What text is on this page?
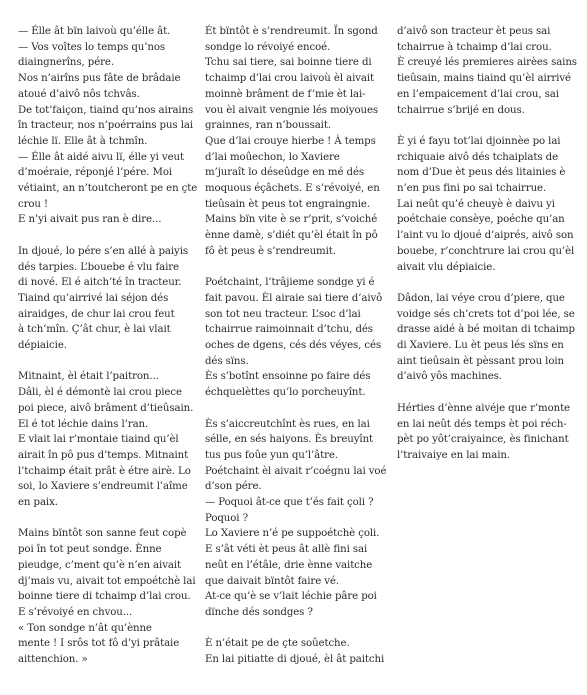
— Élle ât bïn laivoù qu’élle ât.
— Vos voîtes lo temps qu’nos
diaingnerîns, pére.
Nos n’airîns pus fâte de brâdaie
atoué d’aivô nôs tchvâs.
De tot’faiçon, tiaind qu’nos airains
în tracteur, nos n’poérrains pus lai
léchie lï. Elle ât à tchmîn.
— Élle ât aidé aivu lï, élle yi veut
d’moéraie, réponjé l’pére. Moi
vétiaint, an n’toutcheront pe en çte
crou !
E n’yi aivait pus ran è dire...

In djoué, lo pére s’en allé à paiyis
dés tarpies. L’bouebe é vlu faire
di nové. El é aitch’té în tracteur.
Tiaind qu’airrivé lai séjon dés
airaidges, de chur lai crou feut
à tch’mîn. Ç’ât chur, è lai vlait
dépiaicie.

Mitnaint, èl était l’paitron...
Dâli, èl é démontè lai crou piece
poi piece, aivô brâment d’tieûsain.
El é tot léchie dains l’ran.
E vlait lai r’montaie tiaind qu’èl
airait în pô pus d’temps. Mitnaint
l’tchaimp était prât è étre airè. Lo
soi, lo Xaviere s’endreumit l’aîme
en paix.

Mains bïntôt son sanne feut copè
poi în tot peut sondge. Ènne
pieudge, c’ment qu’è n’en aivait
dj’mais vu, aivait tot empoétchè lai
boinne tiere di tchaimp d’lai crou.
E s’révoiyé en chvou...
« Ton sondge n’ât qu’ènne
mente ! I srôs tot fô d’yi prâtaie
aittenchion. »

Ét bïntôt è s’rendreumit. Ïn sgond
sondge lo révoiyé encoé.
Tchu sai tiere, sai boinne tiere di
tchaimp d’lai crou laivoù èl aivait
moinnè brâment de f’mie èt lai-
vou èl aivait vengnie lés moiyoues
grainnes, ran n’boussait.
Que d’lai crouye hierbe ! À temps
d’lai moûechon, lo Xaviere
m’juraît lo déseûdge en mé dés
moquous éçâchets. E s’révoiyé, en
tieûsain èt peus tot engraingnie.
Mains bïn vite è se r’prit, s’voiché
ènne damè, s’diét qu’èl était în pô
fô èt peus è s’rendreumit.

Poétchaint, l’trâjieme sondge yi é
fait pavou. Èl airaie sai tiere d’aivô
son tot neu tracteur. L’soc d’lai
tchairrue raimoinnait d’tchu, dés
oches de dgens, cés dés véyes, cés
dés sïns.
Ès s’botînt ensoinne po faire dés
échquelèttes qu’lo porcheuyînt.

Ès s’aiccreutchînt ès rues, en lai
sélle, en sés haiyons. Ès breuyînt
tus pus foûe yun qu’l’âtre.
Poétchaint èl aivait r’coégnu lai voé
d’son pére.
— Poquoi ât-ce que t’és fait çoli ?
Poquoi ?
Lo Xaviere n’é pe suppoétchè çoli.
E s’ât véti èt peus ât allè fini sai
neût en l’étâle, drie ènne vaitche
que daivait bïntôt faire vé.
At-ce qu’è se v’lait léchie pâre poi
dïnche dés sondges ?

È n’était pe de çte soûetche.
En lai pitiatte di djoué, èl ât paitchi

d’aivô son tracteur èt peus sai
tchairrue à tchaimp d’lai crou.
È creuyé lés premieres airèes sains
tieûsain, mains tiaind qu’èl airrivé
en l’empaicement d’lai crou, sai
tchairrue s’brijé en dous.

È yi é fayu tot’lai djoinnèe po lai
rchiquaie aivô dés tchaiplats de
nom d’Due èt peus dés litainies è
n’en pus fini po sai tchairrue.
Lai neût qu’é cheuyè è daivu yi
poétchaie consèye, poéche qu’an
l’aint vu lo djoué d’aiprés, aivô son
bouebe, r’conchtrure lai crou qu’èl
aivait vlu dépiaicie.

Dâdon, lai véye crou d’piere, que
voidge sés ch’crets tot d’poi lée, se
drasse aidé à bé moitan di tchaimp
di Xaviere. Lu èt peus lés sïns en
aint tieûsain èt pèssant prou loin
d’aivô yôs machines.

Hérties d’ènne aivéje que r’monte
en lai neût dés temps èt poi réch-
pèt po yôt’craiyaince, ès finichant
l’traivaiye en lai main.
